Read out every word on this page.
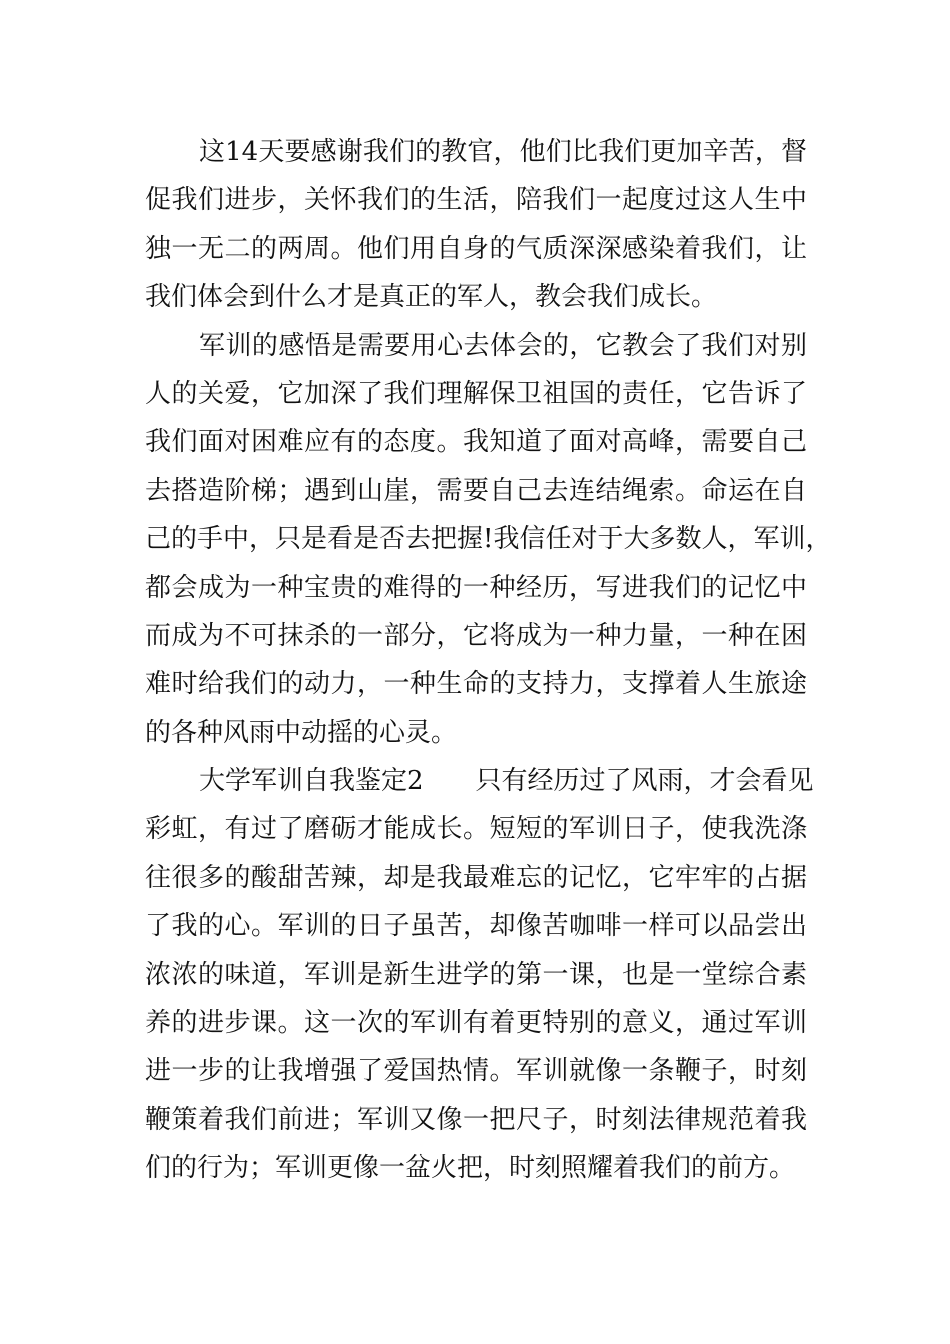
这14天要感谢我们的教官，他们比我们更加辛苦，督
促我们进步，关怀我们的生活，陪我们一起度过这人生中
独一无二的两周。他们用自身的气质深深感染着我们，让
我们体会到什么才是真正的军人，教会我们成长。
军训的感悟是需要用心去体会的，它教会了我们对别
人的关爱，它加深了我们理解保卫祖国的责任，它告诉了
我们面对困难应有的态度。我知道了面对高峰，需要自己
去搭造阶梯；遇到山崖，需要自己去连结绳索。命运在自
己的手中，只是看是否去把握!我信任对于大多数人，军训，
都会成为一种宝贵的难得的一种经历，写进我们的记忆中
而成为不可抹杀的一部分，它将成为一种力量，一种在困
难时给我们的动力，一种生命的支持力，支撑着人生旅途
的各种风雨中动摇的心灵。
大学军训自我鉴定2　　只有经历过了风雨，才会看见
彩虹，有过了磨砺才能成长。短短的军训日子，使我洗涤
往很多的酸甜苦辣，却是我最难忘的记忆，它牢牢的占据
了我的心。军训的日子虽苦，却像苦咖啡一样可以品尝出
浓浓的味道，军训是新生进学的第一课，也是一堂综合素
养的进步课。这一次的军训有着更特别的意义，通过军训
进一步的让我增强了爱国热情。军训就像一条鞭子，时刻
鞭策着我们前进；军训又像一把尺子，时刻法律规范着我
们的行为；军训更像一盆火把，时刻照耀着我们的前方。
